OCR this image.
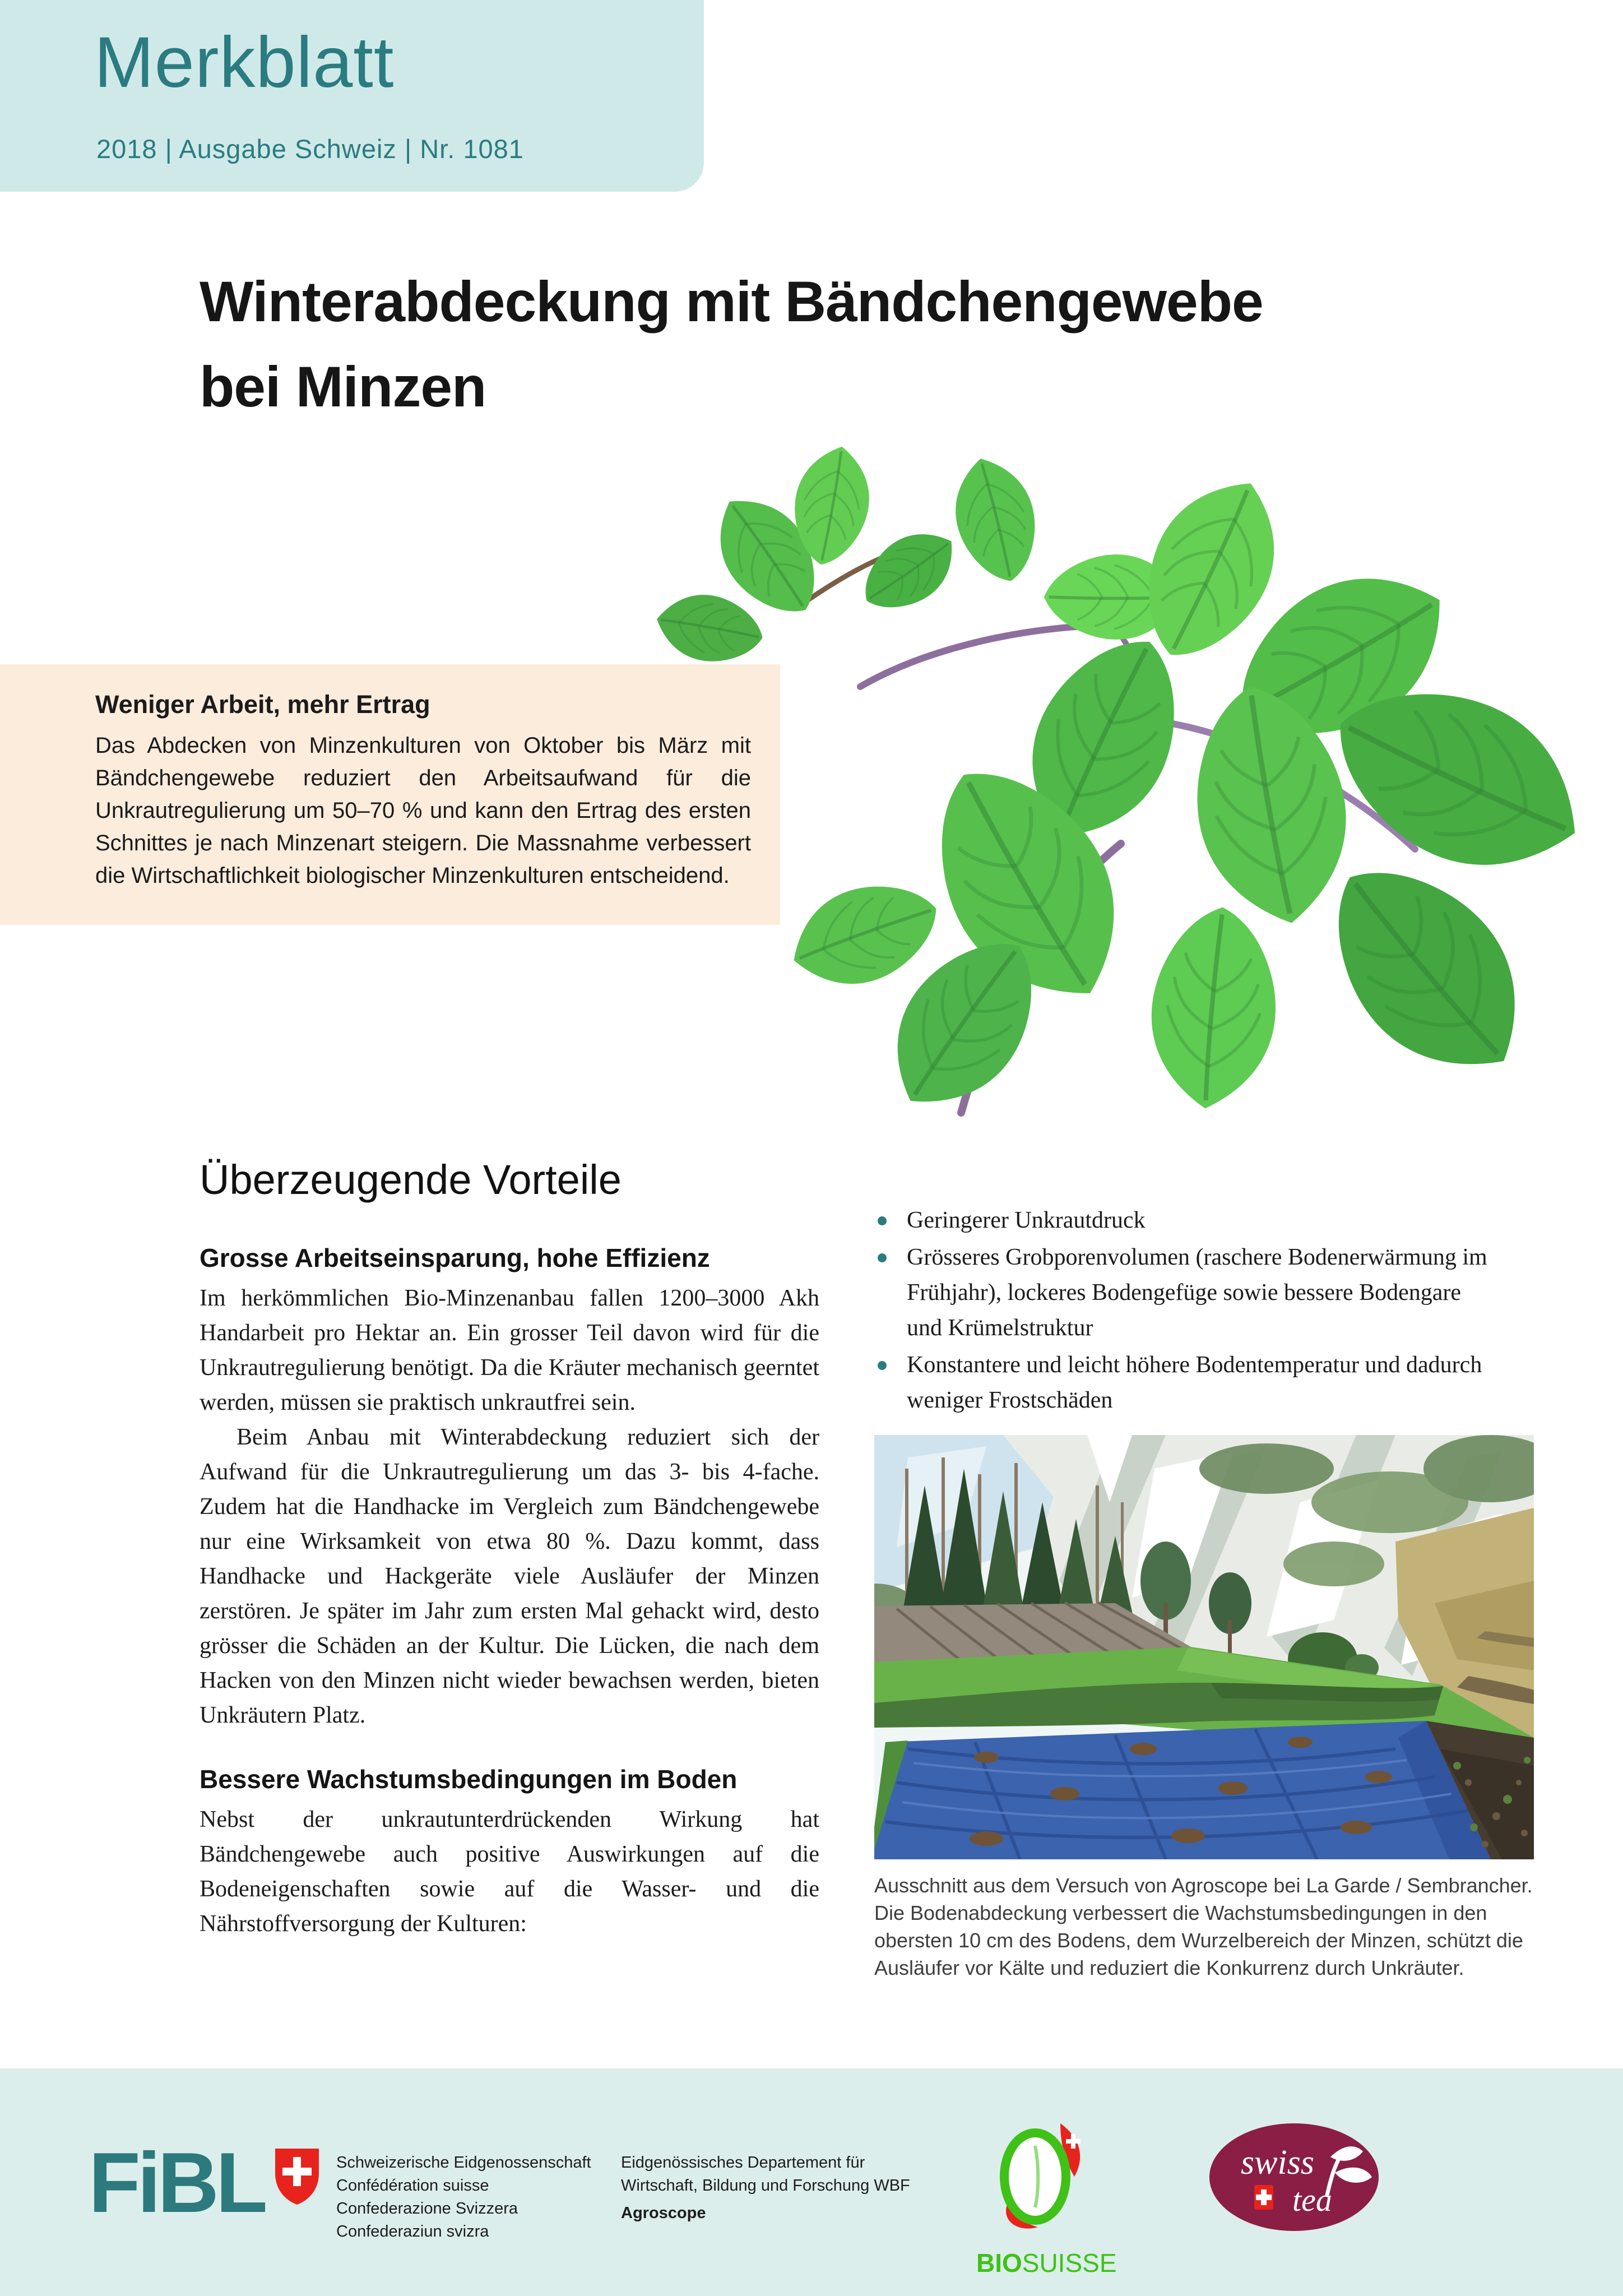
Merkblatt
2018 | Ausgabe Schweiz | Nr. 1081
Winterabdeckung mit Bändchengewebe
bei Minzen
Weniger Arbeit, mehr Ertrag

Das Abdecken von Minzenkulturen von Oktober bis März mit Bändchengewebe reduziert den Arbeitsaufwand für die Unkrautregulierung um 50–70 % und kann den Ertrag des ersten Schnittes je nach Minzenart steigern. Die Massnahme verbessert die Wirtschaftlichkeit biologischer Minzenkulturen entscheidend.

Überzeugende Vorteile
Grosse Arbeitseinsparung, hohe Effizienz

Im herkömmlichen Bio-Minzenanbau fallen 1200–3000 Akh Handarbeit pro Hektar an. Ein grosser Teil davon wird für die Unkrautregulierung benötigt. Da die Kräuter mechanisch geerntet werden, müssen sie praktisch unkrautfrei sein.

Beim Anbau mit Winterabdeckung reduziert sich der Aufwand für die Unkrautregulierung um das 3- bis 4-fache. Zudem hat die Handhacke im Vergleich zum Bändchengewebe nur eine Wirksamkeit von etwa 80 %. Dazu kommt, dass Handhacke und Hackgeräte viele Ausläufer der Minzen zerstören. Je später im Jahr zum ersten Mal gehackt wird, desto grösser die Schäden an der Kultur. Die Lücken, die nach dem Hacken von den Minzen nicht wieder bewachsen werden, bieten Unkräutern Platz.

Bessere Wachstumsbedingungen im Boden

Nebst der unkrautunterdrückenden Wirkung hat Bändchengewebe auch positive Auswirkungen auf die Bodeneigenschaften sowie auf die Wasser- und die Nährstoffversorgung der Kulturen:

Geringerer Unkrautdruck
Grösseres Grobporenvolumen (raschere Bodenerwärmung im Frühjahr), lockeres Bodengefüge sowie bessere Bodengare und Krümelstruktur
Konstantere und leicht höhere Bodentemperatur und dadurch weniger Frostschäden
Ausschnitt aus dem Versuch von Agroscope bei La Garde / Sembrancher. Die Bodenabdeckung verbessert die Wachstumsbedingungen in den obersten 10 cm des Bodens, dem Wurzelbereich der Minzen, schützt die Ausläufer vor Kälte und reduziert die Konkurrenz durch Unkräuter.
FiBL	Schweizerische Eidgenossenschaft
Confédération suisse
Confederazione Svizzera
Confederaziun svizra
Eidgenössisches Departement für
Wirtschaft, Bildung und Forschung WBF
Agroscope
BIOSUISSE
swiss
tea
